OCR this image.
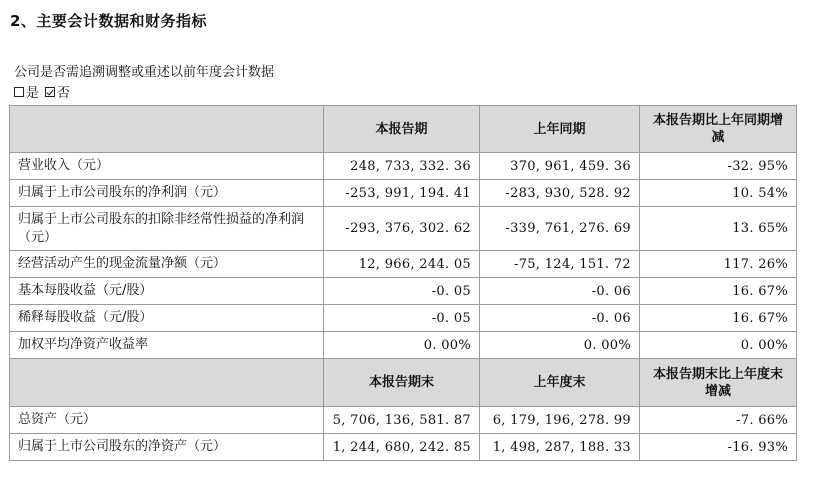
2、主要会计数据和财务指标
公司是否需追溯调整或重述以前年度会计数据
是 否
	本报告期	上年同期	本报告期比上年同期增减
营业收入（元）	248, 733, 332. 36	370, 961, 459. 36	-32. 95%
归属于上市公司股东的净利润（元）	-253, 991, 194. 41	-283, 930, 528. 92	10. 54%
归属于上市公司股东的扣除非经常性损益的净利润（元）	-293, 376, 302. 62	-339, 761, 276. 69	13. 65%
经营活动产生的现金流量净额（元）	12, 966, 244. 05	-75, 124, 151. 72	117. 26%
基本每股收益（元/股）	-0. 05	-0. 06	16. 67%
稀释每股收益（元/股）	-0. 05	-0. 06	16. 67%
加权平均净资产收益率	0. 00%	0. 00%	0. 00%
	本报告期末	上年度末	本报告期末比上年度末增减
总资产（元）	5, 706, 136, 581. 87	6, 179, 196, 278. 99	-7. 66%
归属于上市公司股东的净资产（元）	1, 244, 680, 242. 85	1, 498, 287, 188. 33	-16. 93%
